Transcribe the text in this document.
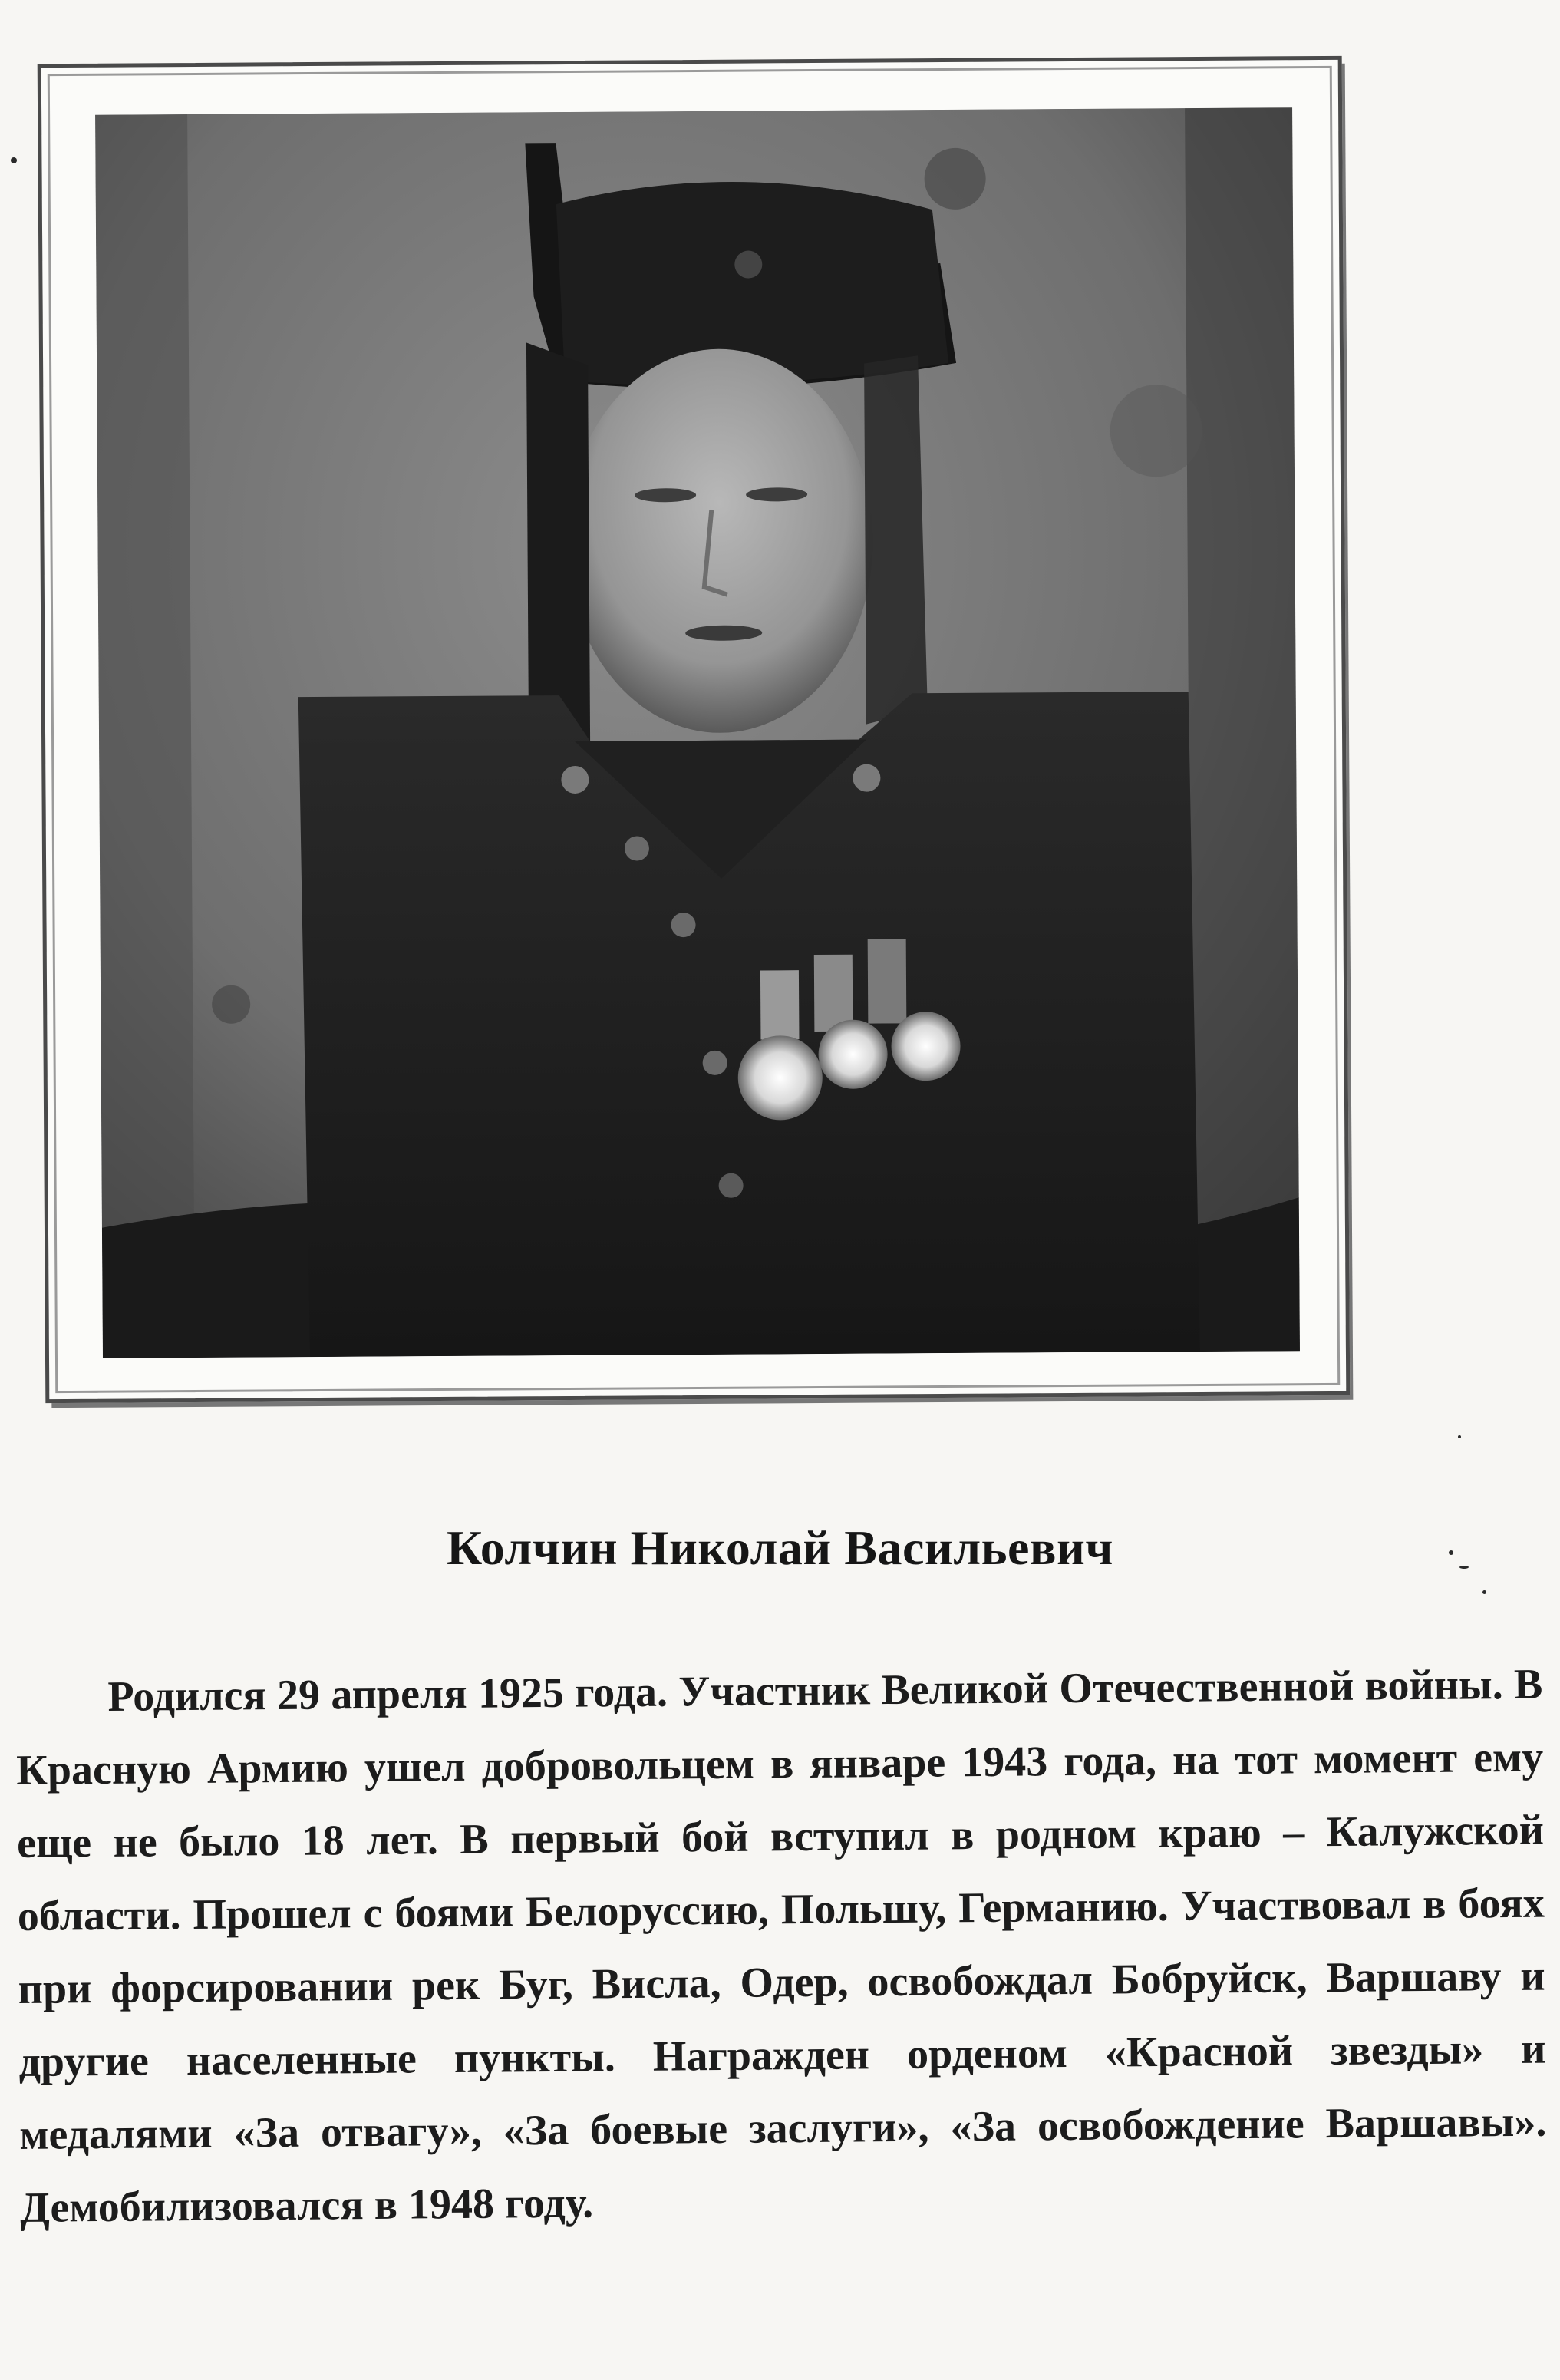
Колчин Николай Васильевич

Родился 29 апреля 1925 года. Участник Великой Отечественной войны. В Красную Армию ушел добровольцем в январе 1943 года, на тот момент ему еще не было 18 лет. В первый бой вступил в родном краю – Калужской области. Прошел с боями Белоруссию, Польшу, Германию. Участвовал в боях при форсировании рек Буг, Висла, Одер, освобождал Бобруйск, Варшаву и другие населенные пункты. Награжден орденом «Красной звезды» и медалями «За отвагу», «За боевые заслуги», «За освобождение Варшавы». Демобилизовался в 1948 году.
